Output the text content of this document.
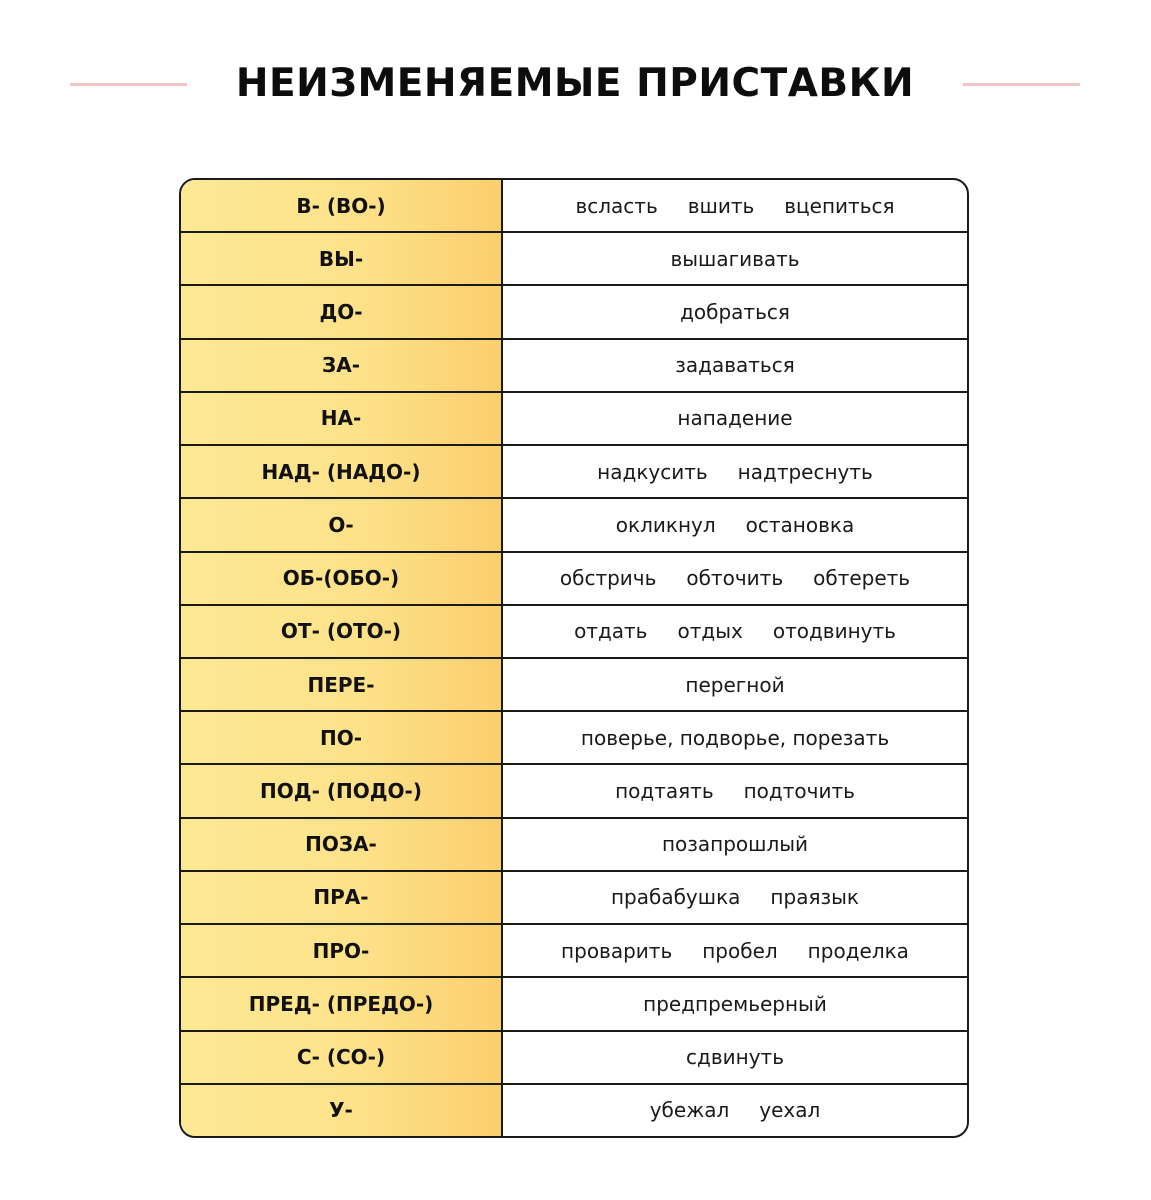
НЕИЗМЕНЯЕМЫЕ ПРИСТАВКИ
В- (ВО-)	всласть вшить вцепиться
ВЫ-	вышагивать
ДО-	добраться
ЗА-	задаваться
НА-	нападение
НАД- (НАДО-)	надкусить надтреснуть
О-	окликнул остановка
ОБ-(ОБО-)	обстричь обточить обтереть
ОТ- (ОТО-)	отдать отдых отодвинуть
ПЕРЕ-	перегной
ПО-	поверье, подворье, порезать
ПОД- (ПОДО-)	подтаять подточить
ПОЗА-	позапрошлый
ПРА-	прабабушка праязык
ПРО-	проварить пробел проделка
ПРЕД- (ПРЕДО-)	предпремьерный
С- (СО-)	сдвинуть
У-	убежал уехал
